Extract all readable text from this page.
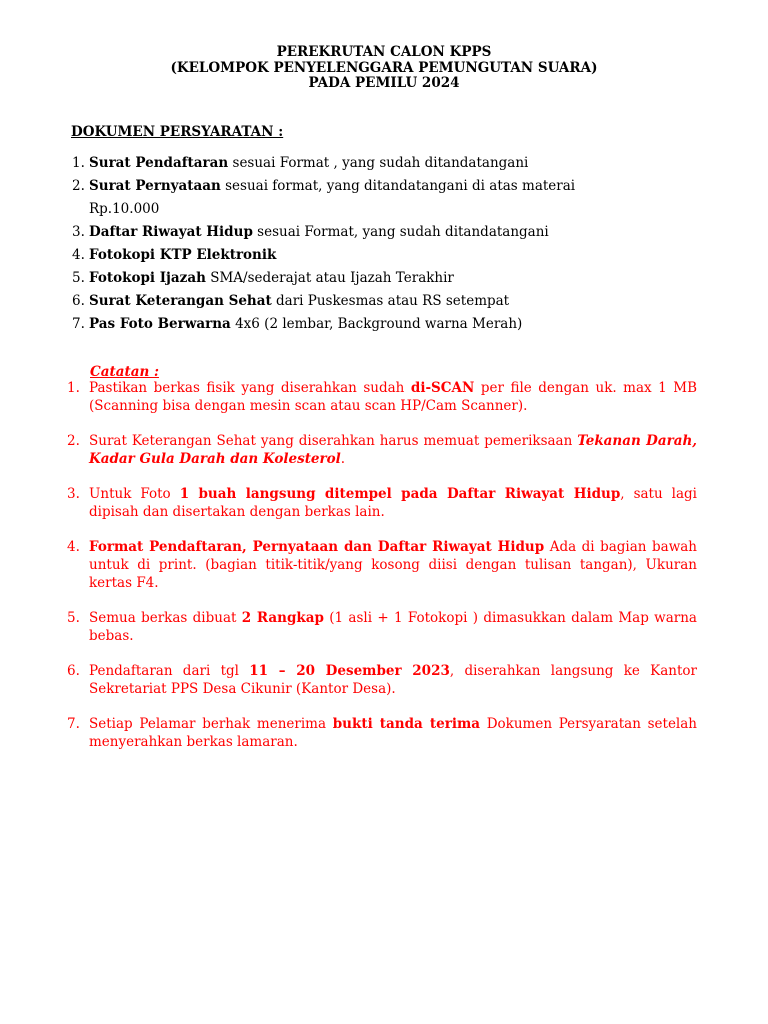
PEREKRUTAN CALON KPPS
(KELOMPOK PENYELENGGARA PEMUNGUTAN SUARA)
PADA PEMILU 2024
DOKUMEN PERSYARATAN :
1. Surat Pendaftaran sesuai Format , yang sudah ditandatangani
2. Surat Pernyataan sesuai format, yang ditandatangani di atas materai
Rp.10.000
3. Daftar Riwayat Hidup sesuai Format, yang sudah ditandatangani
4. Fotokopi KTP Elektronik
5. Fotokopi Ijazah SMA/sederajat atau Ijazah Terakhir
6. Surat Keterangan Sehat dari Puskesmas atau RS setempat
7. Pas Foto Berwarna 4x6 (2 lembar, Background warna Merah)
Catatan :
1. Pastikan berkas fisik yang diserahkan sudah di-SCAN per file dengan uk. max 1 MB (Scanning bisa dengan mesin scan atau scan HP/Cam Scanner).
2. Surat Keterangan Sehat yang diserahkan harus memuat pemeriksaan Tekanan Darah, Kadar Gula Darah dan Kolesterol.
3. Untuk Foto 1 buah langsung ditempel pada Daftar Riwayat Hidup, satu lagi dipisah dan disertakan dengan berkas lain.
4. Format Pendaftaran, Pernyataan dan Daftar Riwayat Hidup Ada di bagian bawah untuk di print. (bagian titik-titik/yang kosong diisi dengan tulisan tangan), Ukuran kertas F4.
5. Semua berkas dibuat 2 Rangkap (1 asli + 1 Fotokopi ) dimasukkan dalam Map warna bebas.
6. Pendaftaran dari tgl 11 – 20 Desember 2023, diserahkan langsung ke Kantor Sekretariat PPS Desa Cikunir (Kantor Desa).
7. Setiap Pelamar berhak menerima bukti tanda terima Dokumen Persyaratan setelah menyerahkan berkas lamaran.
